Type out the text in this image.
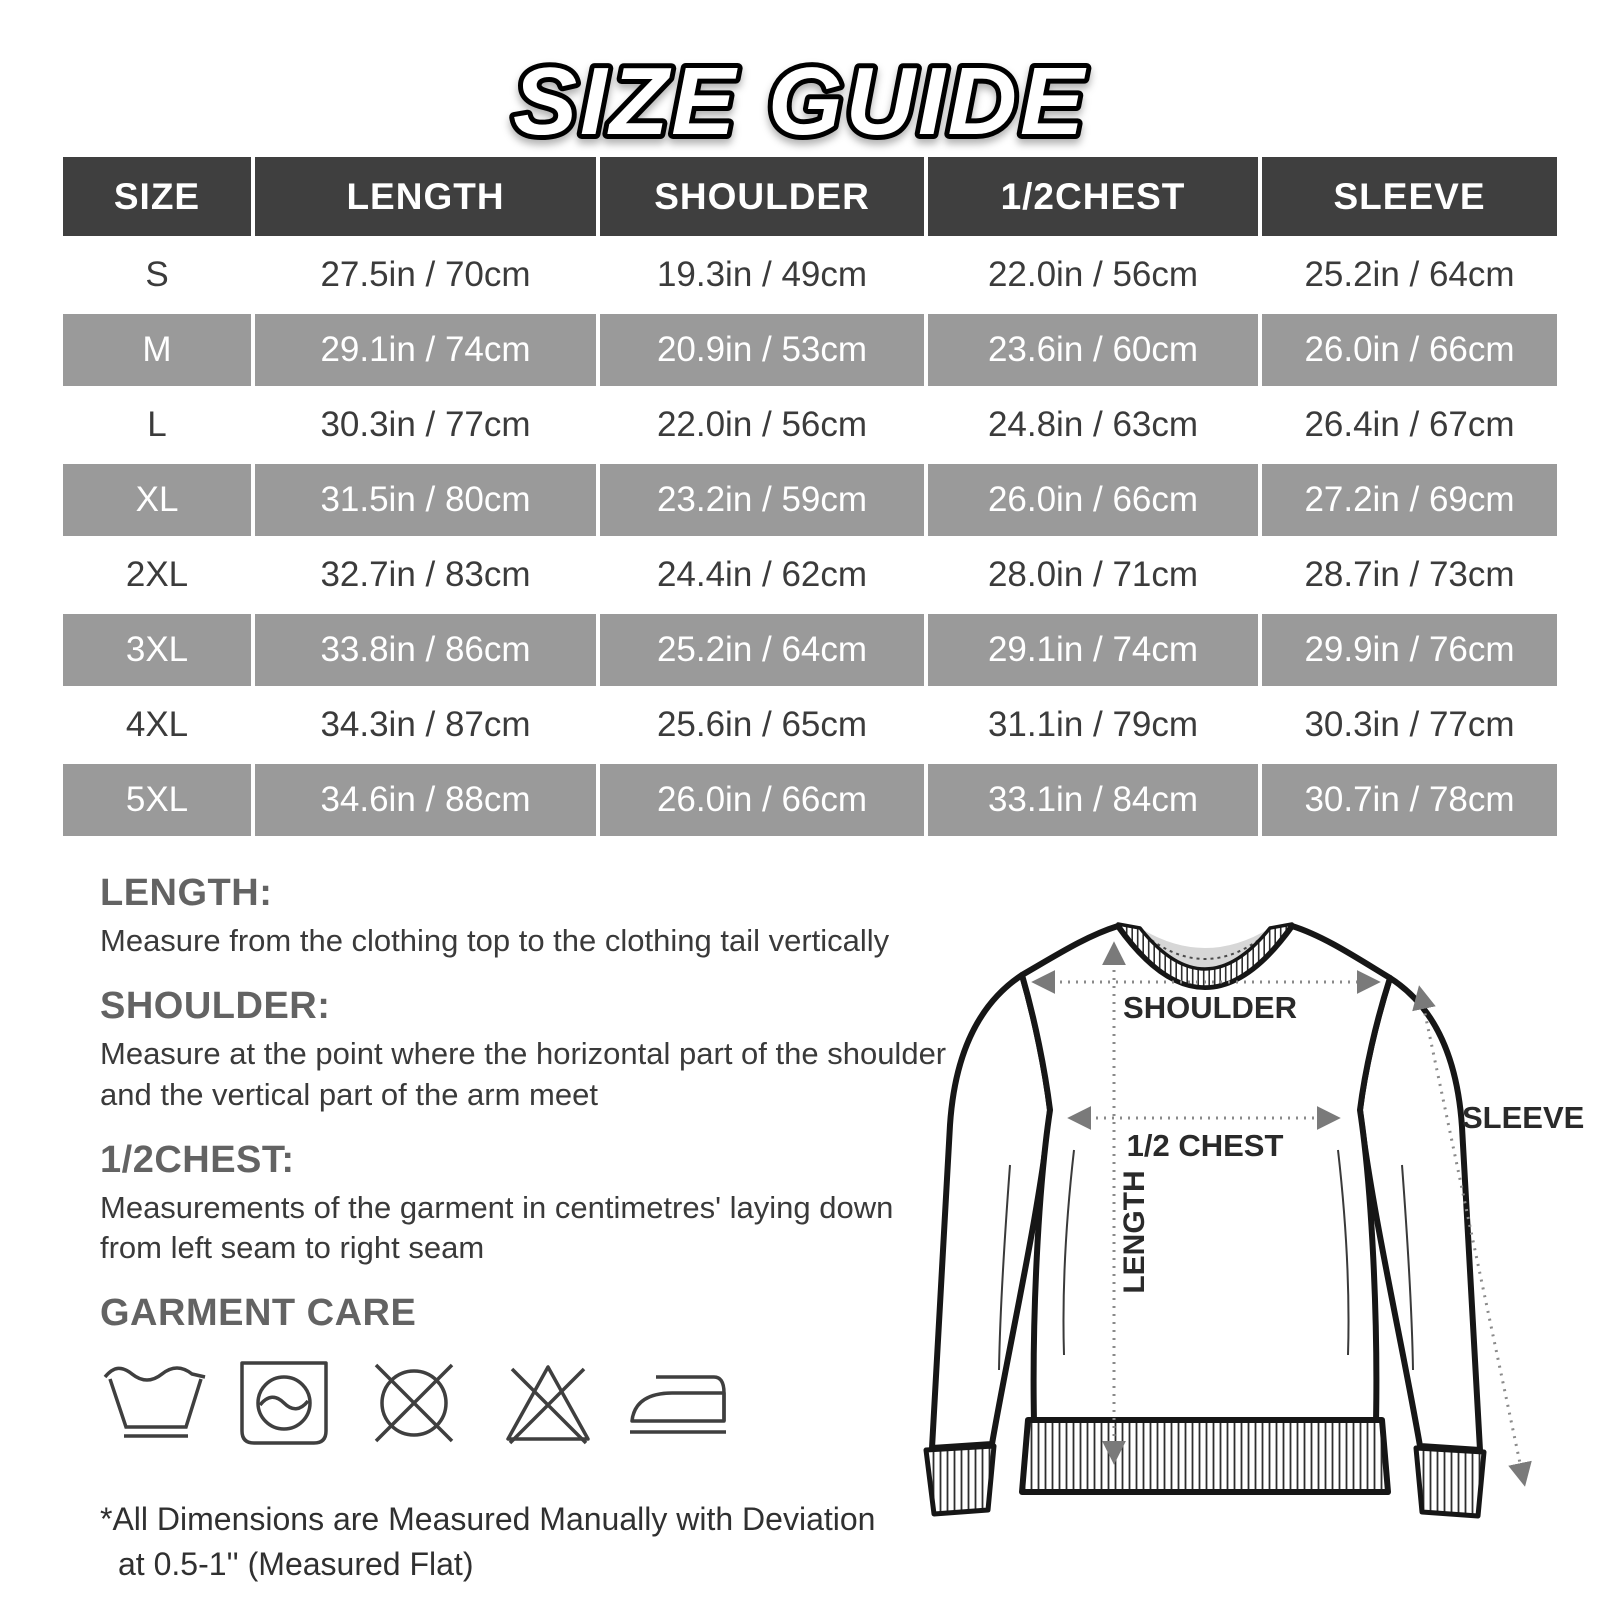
SIZE GUIDE
SIZE	LENGTH	SHOULDER	1/2CHEST	SLEEVE
S	27.5in / 70cm	19.3in / 49cm	22.0in / 56cm	25.2in / 64cm
M	29.1in / 74cm	20.9in / 53cm	23.6in / 60cm	26.0in / 66cm
L	30.3in / 77cm	22.0in / 56cm	24.8in / 63cm	26.4in / 67cm
XL	31.5in / 80cm	23.2in / 59cm	26.0in / 66cm	27.2in / 69cm
2XL	32.7in / 83cm	24.4in / 62cm	28.0in / 71cm	28.7in / 73cm
3XL	33.8in / 86cm	25.2in / 64cm	29.1in / 74cm	29.9in / 76cm
4XL	34.3in / 87cm	25.6in / 65cm	31.1in / 79cm	30.3in / 77cm
5XL	34.6in / 88cm	26.0in / 66cm	33.1in / 84cm	30.7in / 78cm
LENGTH:
Measure from the clothing top to the clothing tail vertically
SHOULDER:
Measure at the point where the horizontal part of the shoulder and the vertical part of the arm meet
1/2CHEST:
Measurements of the garment in centimetres' laying down from left seam to right seam
GARMENT CARE
*All Dimensions are Measured Manually with Deviation
at 0.5-1'' (Measured Flat)
SHOULDER
1/2 CHEST
LENGTH
SLEEVE
